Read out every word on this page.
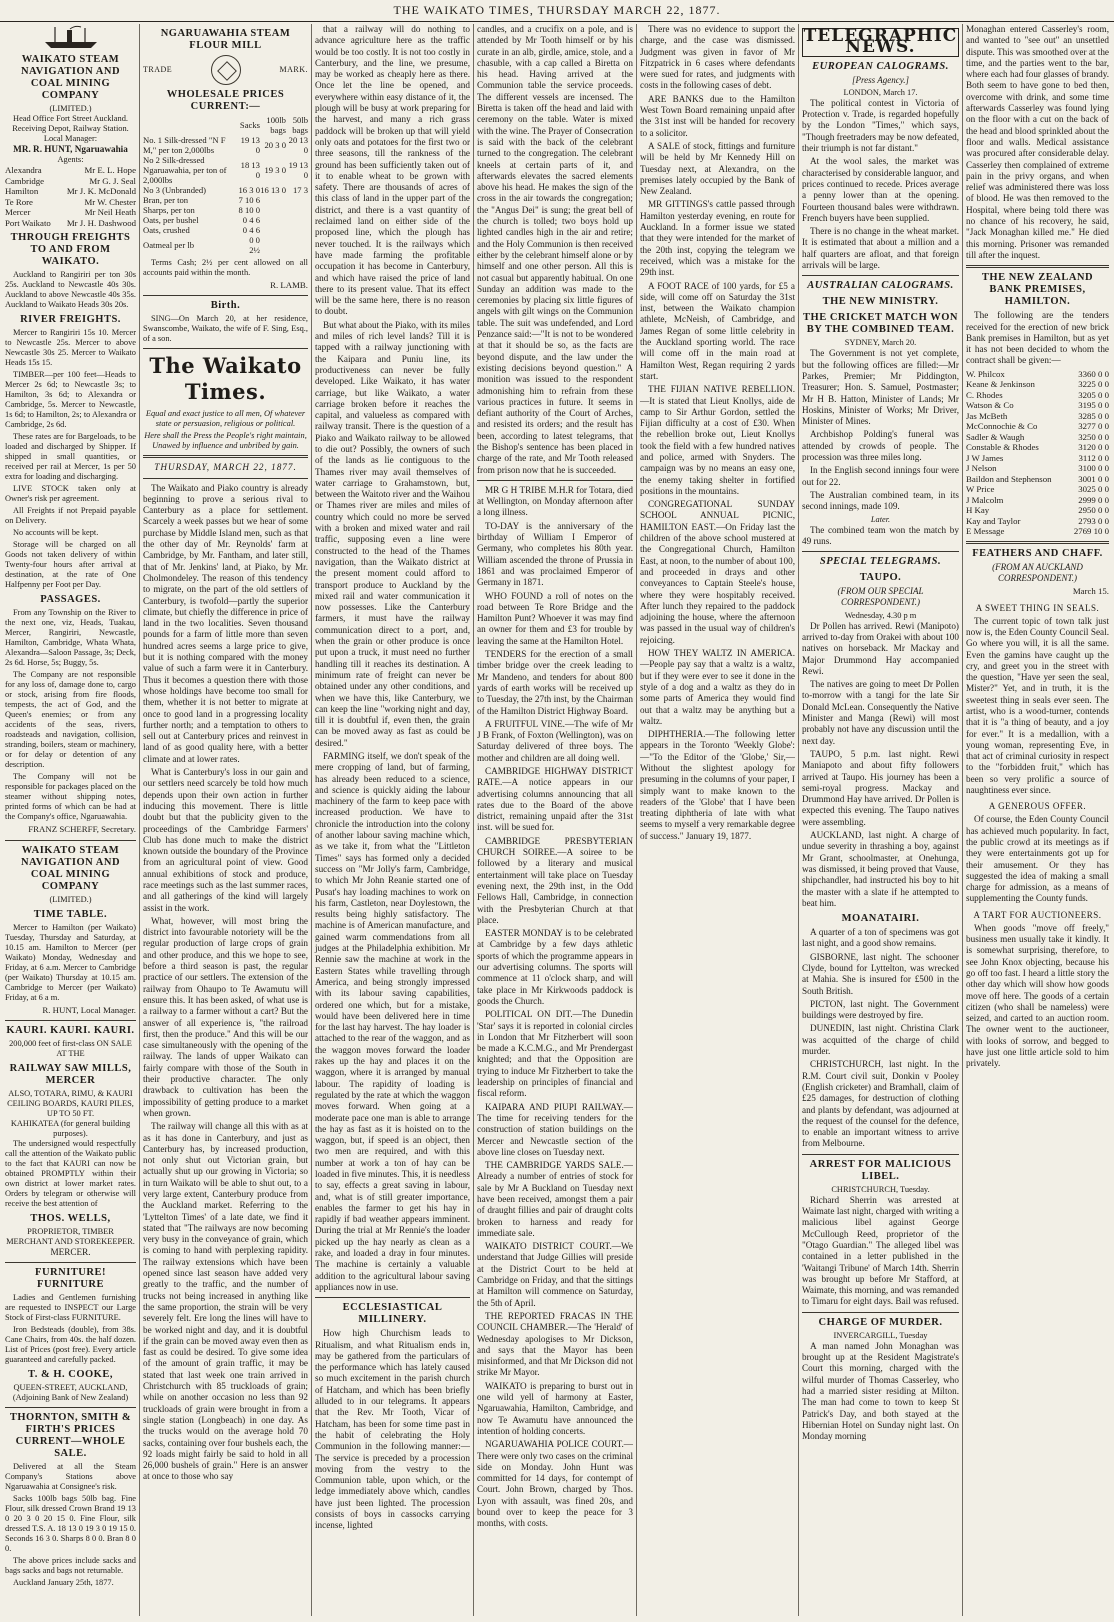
THE WAIKATO TIMES, THURSDAY MARCH 22, 1877.
WAIKATO STEAM NAVIGATION AND COAL MINING COMPANY
(LIMITED.)
Head Office Fort Street Auckland.
Receiving Depot, Railway Station.
Local Manager:
MR. R. HUNT, Ngaruawahia
Agents:
Alexandra	Mr E. L. Hope
Cambridge	Mr G. J. Seal
Hamilton	Mr J. K. McDonald
Te Rore	Mr W. Chester
Mercer	Mr Neil Heath
Port Waikato Mr J. H. Dashwood
THROUGH FREIGHTS TO AND FROM WAIKATO.
Auckland to Rangiriri per ton 30s 25s. Auckland to Newcastle 40s 30s. Auckland to above Newcastle 40s 35s. Auckland to Waikato Heads 30s 20s.
RIVER FREIGHTS.
Mercer to Rangiriri 15s 10. Mercer to Newcastle 25s. Mercer to above Newcastle 30s 25. Mercer to Waikato Heads 15s 15.
TIMBER—per 100 feet—Heads to Mercer 2s 6d; to Newcastle 3s; to Hamilton, 3s 6d; to Alexandra or Cambridge, 5s. Mercer to Newcastle, 1s 6d; to Hamilton, 2s; to Alexandra or Cambridge, 2s 6d.
These rates are for Bargeloads, to be loaded and discharged by Shipper. If shipped in small quantities, or received per rail at Mercer, 1s per 50 extra for loading and discharging.
LIVE STOCK taken only at Owner's risk per agreement.
All Freights if not Prepaid payable on Delivery.
No accounts will be kept.
Storage will be charged on all Goods not taken delivery of within Twenty-four hours after arrival at destination, at the rate of One Halfpenny per Foot per Day.
PASSAGES.
From any Township on the River to the next one, viz, Heads, Tuakau, Mercer, Rangiriri, Newcastle, Hamilton, Cambridge, Whata Whata, Alexandra—Saloon Passage, 3s; Deck, 2s 6d. Horse, 5s; Buggy, 5s.
The Company are not responsible for any loss of, damage done to, cargo or stock, arising from fire floods, tempests, the act of God, and the Queen's enemies; or from any accidents of the seas, rivers, roadsteads and navigation, collision, stranding, boilers, steam or machinery, or for delay or detention of any description.
The Company will not be responsible for packages placed on the steamer without shipping notes, printed forms of which can be had at the Company's office, Ngaruawahia.
FRANZ SCHERFF, Secretary.
WAIKATO STEAM NAVIGATION AND COAL MINING COMPANY
(LIMITED.)
TIME TABLE.
Mercer to Hamilton (per Waikato) Tuesday, Thursday and Saturday, at 10.15 am. Hamilton to Mercer (per Waikato) Monday, Wednesday and Friday, at 6 a.m. Mercer to Cambridge (per Waikato) Thursday at 10.15 am. Cambridge to Mercer (per Waikato) Friday, at 6 a m.
R. HUNT, Local Manager.
KAURI. KAURI. KAURI.
200,000 feet of first-class ON SALE AT THE
RAILWAY SAW MILLS, MERCER
ALSO, TOTARA, RIMU, & KAURI CEILING BOARDS, KAURI PILES, UP TO 50 FT.
KAHIKATEA (for general building purposes).
The undersigned would respectfully call the attention of the Waikato public to the fact that KAURI can now be obtained PROMPTLY within their own district at lower market rates. Orders by telegram or otherwise will receive the best attention of
THOS. WELLS,
PROPRIETOR, TIMBER MERCHANT AND STOREKEEPER.
MERCER.
FURNITURE! FURNITURE
Ladies and Gentlemen furnishing are requested to INSPECT our Large Stock of First-class FURNITURE.
Iron Bedsteads (double), from 38s. Cane Chairs, from 40s. the half dozen. List of Prices (post free). Every article guaranteed and carefully packed.
T. & H. COOKE,
QUEEN-STREET, AUCKLAND, (Adjoining Bank of New Zealand)
THORNTON, SMITH & FIRTH'S PRICES CURRENT—WHOLE SALE.
Delivered at all the Steam Company's Stations above Ngaruawahia at Consignee's risk.
Sacks 100lb bags 50lb bag. Fine Flour, silk dressed Crown Brand 19 13 0 20 3 0 20 15 0. Fine Flour, silk dressed T.S. A. 18 13 0 19 3 0 19 15 0. Seconds 16 3 0. Sharps 8 0 0. Bran 8 0 0.
The above prices include sacks and bags sacks and bags not returnable.
Auckland January 25th, 1877.
NGARUAWAHIA STEAM FLOUR MILL
TRADE	MARK.
WHOLESALE PRICES CURRENT:—
	Sacks	100lb bags	50lb bags
No. 1 Silk-dressed "N F M," per ton 2,000lbs	19 13 0	20 3 0	20 13 0
No 2 Silk-dressed Ngaruawahia, per ton of 2,000lbs	18 13 0	19 3 0	19 13 0
No 3 (Unbranded)	16 3 0	16 13 0	17 3
Bran, per ton	7 10 6		
Sharps, per ton	8 10 0		
Oats, per bushel	0 4 6		
Oats, crushed	0 4 6		
Oatmeal per lb	0 0 2½		
Terms Cash; 2½ per cent allowed on all accounts paid within the month.
R. LAMB.
Birth.
SING—On March 20, at her residence, Swanscombe, Waikato, the wife of F. Sing, Esq., of a son.
The Waikato Times.
Equal and exact justice to all men, Of whatever state or persuasion, religious or political.
Here shall the Press the People's right maintain, Unawed by influence and unbribed by gain.
THURSDAY, MARCH 22, 1877.
The Waikato and Piako country is already beginning to prove a serious rival to Canterbury as a place for settlement. Scarcely a week passes but we hear of some purchase by Middle Island men, such as that the other day of Mr. Reynolds' farm at Cambridge, by Mr. Fantham, and later still, that of Mr. Jenkins' land, at Piako, by Mr. Cholmondeley. The reason of this tendency to migrate, on the part of the old settlers of Canterbury, is twofold—partly the superior climate, but chiefly the difference in price of land in the two localities. Seven thousand pounds for a farm of little more than seven hundred acres seems a large price to give, but it is nothing compared with the money value of such a farm were it in Canterbury. Thus it becomes a question there with those whose holdings have become too small for them, whether it is not better to migrate at once to good land in a progressing locality further north; and a temptation to others to sell out at Canterbury prices and reinvest in land of as good quality here, with a better climate and at lower rates.
What is Canterbury's loss in our gain and our settlers need scarcely be told how much depends upon their own action in further inducing this movement. There is little doubt but that the publicity given to the proceedings of the Cambridge Farmers' Club has done much to make the district known outside the boundary of the Province from an agricultural point of view. Good annual exhibitions of stock and produce, race meetings such as the last summer races, and all gatherings of the kind will largely assist in the work.
What, however, will most bring the district into favourable notoriety will be the regular production of large crops of grain and other produce, and this we hope to see, before a third season is past, the regular practice of our settlers. The extension of the railway from Ohaupo to Te Awamutu will ensure this. It has been asked, of what use is a railway to a farmer without a cart? But the answer of all experience is, "the railroad first, then the produce." And this will be our case simultaneously with the opening of the railway. The lands of upper Waikato can fairly compare with those of the South in their productive character. The only drawback to cultivation has been the impossibility of getting produce to a market when grown.
The railway will change all this with as at as it has done in Canterbury, and just as Canterbury has, by increased production, not only shut out Victorian grain, but actually shut up our growing in Victoria; so in turn Waikato will be able to shut out, to a very large extent, Canterbury produce from the Auckland market. Referring to the 'Lyttelton Times' of a late date, we find it stated that "The railways are now becoming very busy in the conveyance of grain, which is coming to hand with perplexing rapidity. The railway extensions which have been opened since last season have added very greatly to the traffic, and the number of trucks not being increased in anything like the same proportion, the strain will be very severely felt. Ere long the lines will have to be worked night and day, and it is doubtful if the grain can be moved away even then as fast as could be desired. To give some idea of the amount of grain traffic, it may be stated that last week one train arrived in Christchurch with 85 truckloads of grain; while on another occasion no less than 92 truckloads of grain were brought in from a single station (Longbeach) in one day. As the trucks would on the average hold 70 sacks, containing over four bushels each, the 92 loads might fairly be said to hold in all 26,000 bushels of grain." Here is an answer at once to those who say
that a railway will do nothing to advance agriculture here as the traffic would be too costly. It is not too costly in Canterbury, and the line, we presume, may be worked as cheaply here as there. Once let the line be opened, and everywhere within easy distance of it, the plough will be busy at work preparing for the harvest, and many a rich grass paddock will be broken up that will yield only oats and potatoes for the first two or three seasons, till the rankness of the ground has been sufficiently taken out of it to enable wheat to be grown with safety. There are thousands of acres of this class of land in the upper part of the district, and there is a vast quantity of reclaimed land on either side of the proposed line, which the plough has never touched. It is the railways which have made farming the profitable occupation it has become in Canterbury, and which have raised the price of land there to its present value. That its effect will be the same here, there is no reason to doubt.
But what about the Piako, with its miles and miles of rich level lands? Till it is tapped with a railway junctioning with the Kaipara and Puniu line, its productiveness can never be fully developed. Like Waikato, it has water carriage, but like Waikato, a water carriage broken before it reaches the capital, and valueless as compared with railway transit. There is the question of a Piako and Waikato railway to be allowed to die out? Possibly, the owners of such of the lands as lie contiguous to the Thames river may avail themselves of water carriage to Grahamstown, but, between the Waitoto river and the Waihou or Thames river are miles and miles of country which could no more be served with a broken and mixed water and rail traffic, supposing even a line were constructed to the head of the Thames navigation, than the Waikato district at the present moment could afford to transport produce to Auckland by the mixed rail and water communication it now possesses. Like the Canterbury farmers, it must have the railway communication direct to a port, and, when the grain or other produce is once put upon a truck, it must need no further handling till it reaches its destination. A minimum rate of freight can never be obtained under any other conditions, and when we have this, like Canterbury, we can keep the line "working night and day, till it is doubtful if, even then, the grain can be moved away as fast as could be desired."
FARMING itself, we don't speak of the mere cropping of land, but of farming, has already been reduced to a science, and science is quickly aiding the labour machinery of the farm to keep pace with increased production. We have to chronicle the introduction into the colony of another labour saving machine which, as we take it, from what the "Littleton Times" says has formed only a decided success on "Mr Jolly's farm, Cambridge, to which Mr John Reanie started one of Pusat's hay loading machines to work on his farm, Castleton, near Doylestown, the results being highly satisfactory. The machine is of American manufacture, and gained warm commendations from all judges at the Philadelphia exhibition. Mr Rennie saw the machine at work in the Eastern States while travelling through America, and being strongly impressed with its labour saving capabilities, ordered one which, but for a mistake, would have been delivered here in time for the last hay harvest. The hay loader is attached to the rear of the waggon, and as the waggon moves forward the loader rakes up the hay and places it on the waggon, where it is arranged by manual labour. The rapidity of loading is regulated by the rate at which the waggon moves forward. When going at a moderate pace one man is able to arrange the hay as fast as it is hoisted on to the waggon, but, if speed is an object, then two men are required, and with this number at work a ton of hay can be loaded in five minutes. This, it is needless to say, effects a great saving in labour, and, what is of still greater importance, enables the farmer to get his hay in rapidly if bad weather appears imminent. During the trial at Mr Rennie's the loader picked up the hay nearly as clean as a rake, and loaded a dray in four minutes. The machine is certainly a valuable addition to the agricultural labour saving appliances now in use.
ECCLESIASTICAL MILLINERY.
How high Churchism leads to Ritualism, and what Ritualism ends in, may be gathered from the particulars of the performance which has lately caused so much excitement in the parish church of Hatcham, and which has been briefly alluded to in our telegrams. It appears that the Rev. Mr Tooth, Vicar of Hatcham, has been for some time past in the habit of celebrating the Holy Communion in the following manner:—The service is preceded by a procession moving from the vestry to the Communion table, upon which, or the ledge immediately above which, candles have just been lighted. The procession consists of boys in cassocks carrying incense, lighted
candles, and a crucifix on a pole, and is attended by Mr Tooth himself or by his curate in an alb, girdle, amice, stole, and a chasuble, with a cap called a Biretta on his head. Having arrived at the Communion table the service proceeds. The different vessels are incensed. The Biretta is taken off the head and laid with ceremony on the table. Water is mixed with the wine. The Prayer of Consecration is said with the back of the celebrant turned to the congregation. The celebrant kneels at certain parts of it, and afterwards elevates the sacred elements above his head. He makes the sign of the cross in the air towards the congregation; the "Angus Dei" is sung; the great bell of the church is tolled; two boys hold up lighted candles high in the air and retire; and the Holy Communion is then received either by the celebrant himself alone or by himself and one other person. All this is not casual but apparently habitual. On one Sunday an addition was made to the ceremonies by placing six little figures of angels with gilt wings on the Communion table. The suit was undefended, and Lord Penzance said:—"It is not to be wondered at that it should be so, as the facts are beyond dispute, and the law under the existing decisions beyond question." A monition was issued to the respondent admonishing him to refrain from these various practices in future. It seems in defiant authority of the Court of Arches, and resisted its orders; and the result has been, according to latest telegrams, that the Bishop's sentence has been placed in charge of the rate, and Mr Tooth released from prison now that he is succeeded.
MR G H TRIBE M.H.R for Totara, died at Wellington, on Monday afternoon after a long illness.
TO-DAY is the anniversary of the birthday of William I Emperor of Germany, who completes his 80th year. William ascended the throne of Prussia in 1861 and was proclaimed Emperor of Germany in 1871.
WHO FOUND a roll of notes on the road between Te Rore Bridge and the Hamilton Punt? Whoever it was may find an owner for them and £3 for trouble by leaving the same at the Hamilton Hotel.
TENDERS for the erection of a small timber bridge over the creek leading to Mr Mandeno, and tenders for about 800 yards of earth works will be received up to Tuesday, the 27th inst, by the Chairman of the Hamilton District Highway Board.
A FRUITFUL VINE.—The wife of Mr J B Frank, of Foxton (Wellington), was on Saturday delivered of three boys. The mother and children are all doing well.
CAMBRIDGE HIGHWAY DISTRICT RATE.—A notice appears in our advertising columns announcing that all rates due to the Board of the above district, remaining unpaid after the 31st inst. will be sued for.
CAMBRIDGE PRESBYTERIAN CHURCH SOIREE.—A soiree to be followed by a literary and musical entertainment will take place on Tuesday evening next, the 29th inst, in the Odd Fellows Hall, Cambridge, in connection with the Presbyterian Church at that place.
EASTER MONDAY is to be celebrated at Cambridge by a few days athletic sports of which the programme appears in our advertising columns. The sports will commence at 11 o'clock sharp, and will take place in Mr Kirkwoods paddock is goods the Church.
POLITICAL ON DIT.—The Dunedin 'Star' says it is reported in colonial circles in London that Mr Fitzherbert will soon be made a K.C.M.G., and Mr Prendergast knighted; and that the Opposition are trying to induce Mr Fitzherbert to take the leadership on principles of financial and fiscal reform.
KAIPARA AND PIUPI RAILWAY.—The time for receiving tenders for the construction of station buildings on the Mercer and Newcastle section of the above line closes on Tuesday next.
THE CAMBRIDGE YARDS SALE.—Already a number of entries of stock for sale by Mr A Buckland on Tuesday next have been received, amongst them a pair of draught fillies and pair of draught colts broken to harness and ready for immediate sale.
WAIKATO DISTRICT COURT.—We understand that Judge Gillies will preside at the District Court to be held at Cambridge on Friday, and that the sittings at Hamilton will commence on Saturday, the 5th of April.
THE REPORTED FRACAS IN THE COUNCIL CHAMBER.—The 'Herald' of Wednesday apologises to Mr Dickson, and says that the Mayor has been misinformed, and that Mr Dickson did not strike Mr Mayor.
WAIKATO is preparing to burst out in one wild yell of harmony at Easter, Ngaruawahia, Hamilton, Cambridge, and now Te Awamutu have announced the intention of holding concerts.
NGARUAWAHIA POLICE COURT.—There were only two cases on the criminal side on Monday. John Hunt was committed for 14 days, for contempt of Court. John Brown, charged by Thos. Lyon with assault, was fined 20s, and bound over to keep the peace for 3 months, with costs.
There was no evidence to support the charge, and the case was dismissed. Judgment was given in favor of Mr Fitzpatrick in 6 cases where defendants were sued for rates, and judgments with costs in the following cases of debt.
ARE BANKS due to the Hamilton West Town Board remaining unpaid after the 31st inst will be handed for recovery to a solicitor.
A SALE of stock, fittings and furniture will be held by Mr Kennedy Hill on Tuesday next, at Alexandra, on the premises lately occupied by the Bank of New Zealand.
MR GITTINGS's cattle passed through Hamilton yesterday evening, en route for Auckland. In a former issue we stated that they were intended for the market of the 20th inst, copying the telegram we received, which was a mistake for the 29th inst.
A FOOT RACE of 100 yards, for £5 a side, will come off on Saturday the 31st inst, between the Waikato champion athlete, McNeish, of Cambridge, and James Regan of some little celebrity in the Auckland sporting world. The race will come off in the main road at Hamilton West, Regan requiring 2 yards start.
THE FIJIAN NATIVE REBELLION.—It is stated that Lieut Knollys, aide de camp to Sir Arthur Gordon, settled the Fijian difficulty at a cost of £30. When the rebellion broke out, Lieut Knollys took the field with a few hundred natives and police, armed with Snyders. The campaign was by no means an easy one, the enemy taking shelter in fortified positions in the mountains.
CONGREGATIONAL SUNDAY SCHOOL ANNUAL PICNIC, HAMILTON EAST.—On Friday last the children of the above school mustered at the Congregational Church, Hamilton East, at noon, to the number of about 100, and proceeded in drays and other conveyances to Captain Steele's house, where they were hospitably received. After lunch they repaired to the paddock adjoining the house, where the afternoon was passed in the usual way of children's rejoicing.
HOW THEY WALTZ IN AMERICA.—People pay say that a waltz is a waltz, but if they were ever to see it done in the style of a dog and a waltz as they do in some parts of America they would find out that a waltz may be anything but a waltz.
DIPHTHERIA.—The following letter appears in the Toronto 'Weekly Globe':—"To the Editor of the 'Globe,' Sir,—Without the slightest apology for presuming in the columns of your paper, I simply want to make known to the readers of the 'Globe' that I have been treating diphtheria of late with what seems to myself a very remarkable degree of success." January 19, 1877.
TELEGRAPHIC NEWS.
EUROPEAN CALOGRAMS.
[Press Agency.]
LONDON, March 17.
The political contest in Victoria of Protection v. Trade, is regarded hopefully by the London "Times," which says, "Though freetraders may be now defeated, their triumph is not far distant."
At the wool sales, the market was characterised by considerable languor, and prices continued to recede. Prices average a penny lower than at the opening. Fourteen thousand bales were withdrawn. French buyers have been supplied.
There is no change in the wheat market. It is estimated that about a million and a half quarters are afloat, and that foreign arrivals will be large.
AUSTRALIAN CALOGRAMS.
THE NEW MINISTRY.
THE CRICKET MATCH WON BY THE COMBINED TEAM.
SYDNEY, March 20.
The Government is not yet complete, but the following offices are filled:—Mr Parkes, Premier; Mr Piddington, Treasurer; Hon. S. Samuel, Postmaster; Mr H B. Hatton, Minister of Lands; Mr Hoskins, Minister of Works; Mr Driver, Minister of Mines.
Archbishop Polding's funeral was attended by crowds of people. The procession was three miles long.
In the English second innings four were out for 22.
The Australian combined team, in its second innings, made 109.
Later.
The combined team won the match by 49 runs.
SPECIAL TELEGRAMS.
TAUPO.
(FROM OUR SPECIAL CORRESPONDENT.)
Wednesday, 4.30 p m
Dr Pollen has arrived. Rewi (Manipoto) arrived to-day from Orakei with about 100 natives on horseback. Mr Mackay and Major Drummond Hay accompanied Rewi.
The natives are going to meet Dr Pollen to-morrow with a tangi for the late Sir Donald McLean. Consequently the Native Minister and Manga (Rewi) will most probably not have any discussion until the next day.
TAUPO, 5 p.m. last night. Rewi Maniapoto and about fifty followers arrived at Taupo. His journey has been a semi-royal progress. Mackay and Drummond Hay have arrived. Dr Pollen is expected this evening. The Taupo natives were assembling.
AUCKLAND, last night. A charge of undue severity in thrashing a boy, against Mr Grant, schoolmaster, at Onehunga, was dismissed, it being proved that Vause, shipchandler, had instructed his boy to hit the master with a slate if he attempted to beat him.
MOANATAIRI.
A quarter of a ton of specimens was got last night, and a good show remains.
GISBORNE, last night. The schooner Clyde, bound for Lyttelton, was wrecked at Mahia. She is insured for £500 in the South British.
PICTON, last night. The Government buildings were destroyed by fire.
DUNEDIN, last night. Christina Clark was acquitted of the charge of child murder.
CHRISTCHURCH, last night. In the R.M. Court civil suit, Donkin v Pooley (English cricketer) and Bramhall, claim of £25 damages, for destruction of clothing and plants by defendant, was adjourned at the request of the counsel for the defence, to enable an important witness to arrive from Melbourne.
ARREST FOR MALICIOUS LIBEL.
CHRISTCHURCH, Tuesday.
Richard Sherrin was arrested at Waimate last night, charged with writing a malicious libel against George McCullough Reed, proprietor of the "Otago Guardian." The alleged libel was contained in a letter published in the 'Waitangi Tribune' of March 14th. Sherrin was brought up before Mr Stafford, at Waimate, this morning, and was remanded to Timaru for eight days. Bail was refused.
CHARGE OF MURDER.
INVERCARGILL, Tuesday
A man named John Monaghan was brought up at the Resident Magistrate's Court this morning, charged with the wilful murder of Thomas Casserley, who had a married sister residing at Milton. The man had come to town to keep St Patrick's Day, and both stayed at the Hibernian Hotel on Sunday night last. On Monday morning
Monaghan entered Casserley's room, and wanted to "see out" an unsettled dispute. This was smoothed over at the time, and the parties went to the bar, where each had four glasses of brandy. Both seem to have gone to bed then, overcome with drink, and some time afterwards Casserley was found lying on the floor with a cut on the back of the head and blood sprinkled about the floor and walls. Medical assistance was procured after considerable delay. Casserley then complained of extreme pain in the privy organs, and when relief was administered there was loss of blood. He was then removed to the Hospital, where being told there was no chance of his recovery, he said, "Jack Monaghan killed me." He died this morning. Prisoner was remanded till after the inquest.
THE NEW ZEALAND BANK PREMISES, HAMILTON.
The following are the tenders received for the erection of new brick Bank premises in Hamilton, but as yet it has not been decided to whom the contract shall be given:—
W. Philcox	3360 0 0
Keane & Jenkinson	3225 0 0
C. Rhodes	3205 0 0
Watson & Co	3195 0 0
Jas McBeth	3285 0 0
McConnochie & Co	3277 0 0
Sadler & Waugh	3250 0 0
Constable & Rhodes	3120 0 0
J W James	3112 0 0
J Nelson	3100 0 0
Baildon and Stephenson	3001 0 0
W Price	3025 0 0
J Malcolm	2999 0 0
H Kay	2950 0 0
Kay and Taylor	2793 0 0
E Message	2769 10 0
FEATHERS AND CHAFF.
(FROM AN AUCKLAND CORRESPONDENT.)
March 15.
A SWEET THING IN SEALS.
The current topic of town talk just now is, the Eden County Council Seal. Go where you will, it is all the same. Even the gamins have caught up the cry, and greet you in the street with the question, "Have yer seen the seal, Mister?" Yet, and in truth, it is the sweetest thing in seals ever seen. The artist, who is a wood-turner, contends that it is "a thing of beauty, and a joy for ever." It is a medallion, with a young woman, representing Eve, in that act of criminal curiosity in respect to the "forbidden fruit," which has been so very prolific a source of naughtiness ever since.
A GENEROUS OFFER.
Of course, the Eden County Council has achieved much popularity. In fact, the public crowd at its meetings as if they were entertainments got up for their amusement. Or they has suggested the idea of making a small charge for admission, as a means of supplementing the County funds.
A TART FOR AUCTIONEERS.
When goods "move off freely," business men usually take it kindly. It is somewhat surprising, therefore, to see John Knox objecting, because his go off too fast. I heard a little story the other day which will show how goods move off here. The goods of a certain citizen (who shall be nameless) were seized, and carted to an auction room. The owner went to the auctioneer, with looks of sorrow, and begged to have just one little article sold to him privately.
